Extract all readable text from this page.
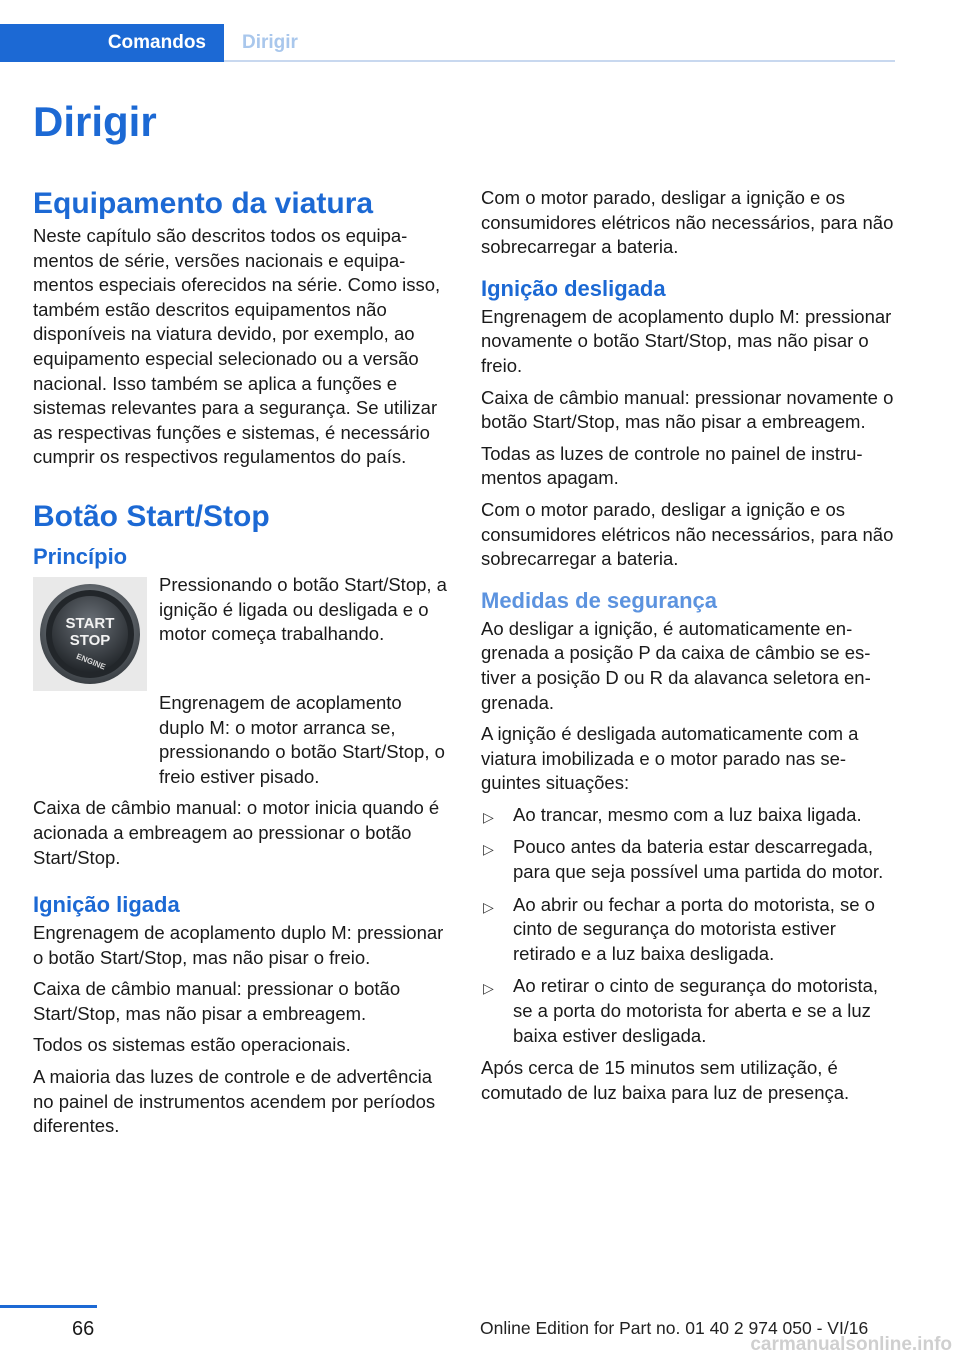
Comandos Dirigir
Dirigir
Equipamento da viatura

Neste capítulo são descritos todos os equipamentos de série, versões nacionais e equipamentos especiais oferecidos na série. Como isso, também estão descritos equipamentos não disponíveis na viatura devido, por exemplo, ao equipamento especial selecionado ou a versão nacional. Isso também se aplica a funções e sistemas relevantes para a segurança. Se utilizar as respectivas funções e sistemas, é necessário cumprir os respectivos regulamentos do país.

Botão Start/Stop
Princípio
START
STOP
ENGINE

Pressionando o botão Start/Stop, a ignição é ligada ou desligada e o motor começa trabalhando.

Engrenagem de acoplamento duplo M: o motor arranca se, pressionando o botão Start/Stop, o freio estiver pisado.

Caixa de câmbio manual: o motor inicia quando é acionada a embreagem ao pressionar o botão Start/Stop.

Ignição ligada

Engrenagem de acoplamento duplo M: pressionar o botão Start/Stop, mas não pisar o freio.

Caixa de câmbio manual: pressionar o botão Start/Stop, mas não pisar a embreagem.

Todos os sistemas estão operacionais.

A maioria das luzes de controle e de advertência no painel de instrumentos acendem por períodos diferentes.

Com o motor parado, desligar a ignição e os consumidores elétricos não necessários, para não sobrecarregar a bateria.

Ignição desligada

Engrenagem de acoplamento duplo M: pressionar novamente o botão Start/Stop, mas não pisar o freio.

Caixa de câmbio manual: pressionar novamente o botão Start/Stop, mas não pisar a embreagem.

Todas as luzes de controle no painel de instrumentos apagam.

Com o motor parado, desligar a ignição e os consumidores elétricos não necessários, para não sobrecarregar a bateria.

Medidas de segurança

Ao desligar a ignição, é automaticamente engrenada a posição P da caixa de câmbio se estiver a posição D ou R da alavanca seletora engrenada.

A ignição é desligada automaticamente com a viatura imobilizada e o motor parado nas seguintes situações:

▷ Ao trancar, mesmo com a luz baixa ligada.
▷ Pouco antes da bateria estar descarregada, para que seja possível uma partida do motor.
▷ Ao abrir ou fechar a porta do motorista, se o cinto de segurança do motorista estiver retirado e a luz baixa desligada.
▷ Ao retirar o cinto de segurança do motorista, se a porta do motorista for aberta e se a luz baixa estiver desligada.

Após cerca de 15 minutos sem utilização, é comutado de luz baixa para luz de presença.

66	Online Edition for Part no. 01 40 2 974 050 - VI/16
carmanualsonline.info
